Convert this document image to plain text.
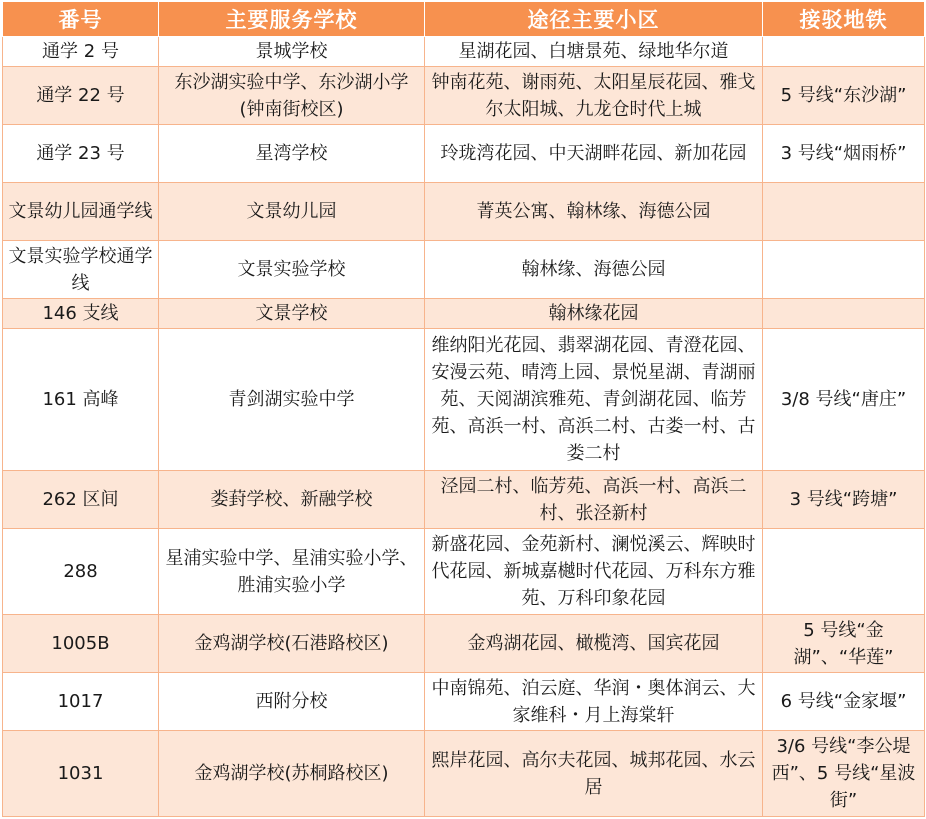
番号	主要服务学校	途径主要小区	接驳地铁
通学 2 号	景城学校	星湖花园、白塘景苑、绿地华尔道	
通学 22 号	东沙湖实验中学、东沙湖小学(钟南街校区)	钟南花苑、谢雨苑、太阳星辰花园、雅戈尔太阳城、九龙仓时代上城	5 号线“东沙湖”
通学 23 号	星湾学校	玲珑湾花园、中天湖畔花园、新加花园	3 号线“烟雨桥”
文景幼儿园通学线	文景幼儿园	菁英公寓、翰林缘、海德公园	
文景实验学校通学线	文景实验学校	翰林缘、海德公园	
146 支线	文景学校	翰林缘花园	
161 高峰	青剑湖实验中学	维纳阳光花园、翡翠湖花园、青澄花园、安漫云苑、晴湾上园、景悦星湖、青湖丽苑、天阅湖滨雅苑、青剑湖花园、临芳苑、高浜一村、高浜二村、古娄一村、古娄二村	3/8 号线“唐庄”
262 区间	娄葑学校、新融学校	泾园二村、临芳苑、高浜一村、高浜二村、张泾新村	3 号线“跨塘”
288	星浦实验中学、星浦实验小学、胜浦实验小学	新盛花园、金苑新村、澜悦溪云、辉映时代花园、新城嘉樾时代花园、万科东方雅苑、万科印象花园	
1005B	金鸡湖学校(石港路校区)	金鸡湖花园、橄榄湾、国宾花园	5 号线“金湖”、“华莲”
1017	西附分校	中南锦苑、泊云庭、华润・奥体润云、大家维科・月上海棠轩	6 号线“金家堰”
1031	金鸡湖学校(苏桐路校区)	熙岸花园、高尔夫花园、城邦花园、水云居	3/6 号线“李公堤西”、5 号线“星波街”
